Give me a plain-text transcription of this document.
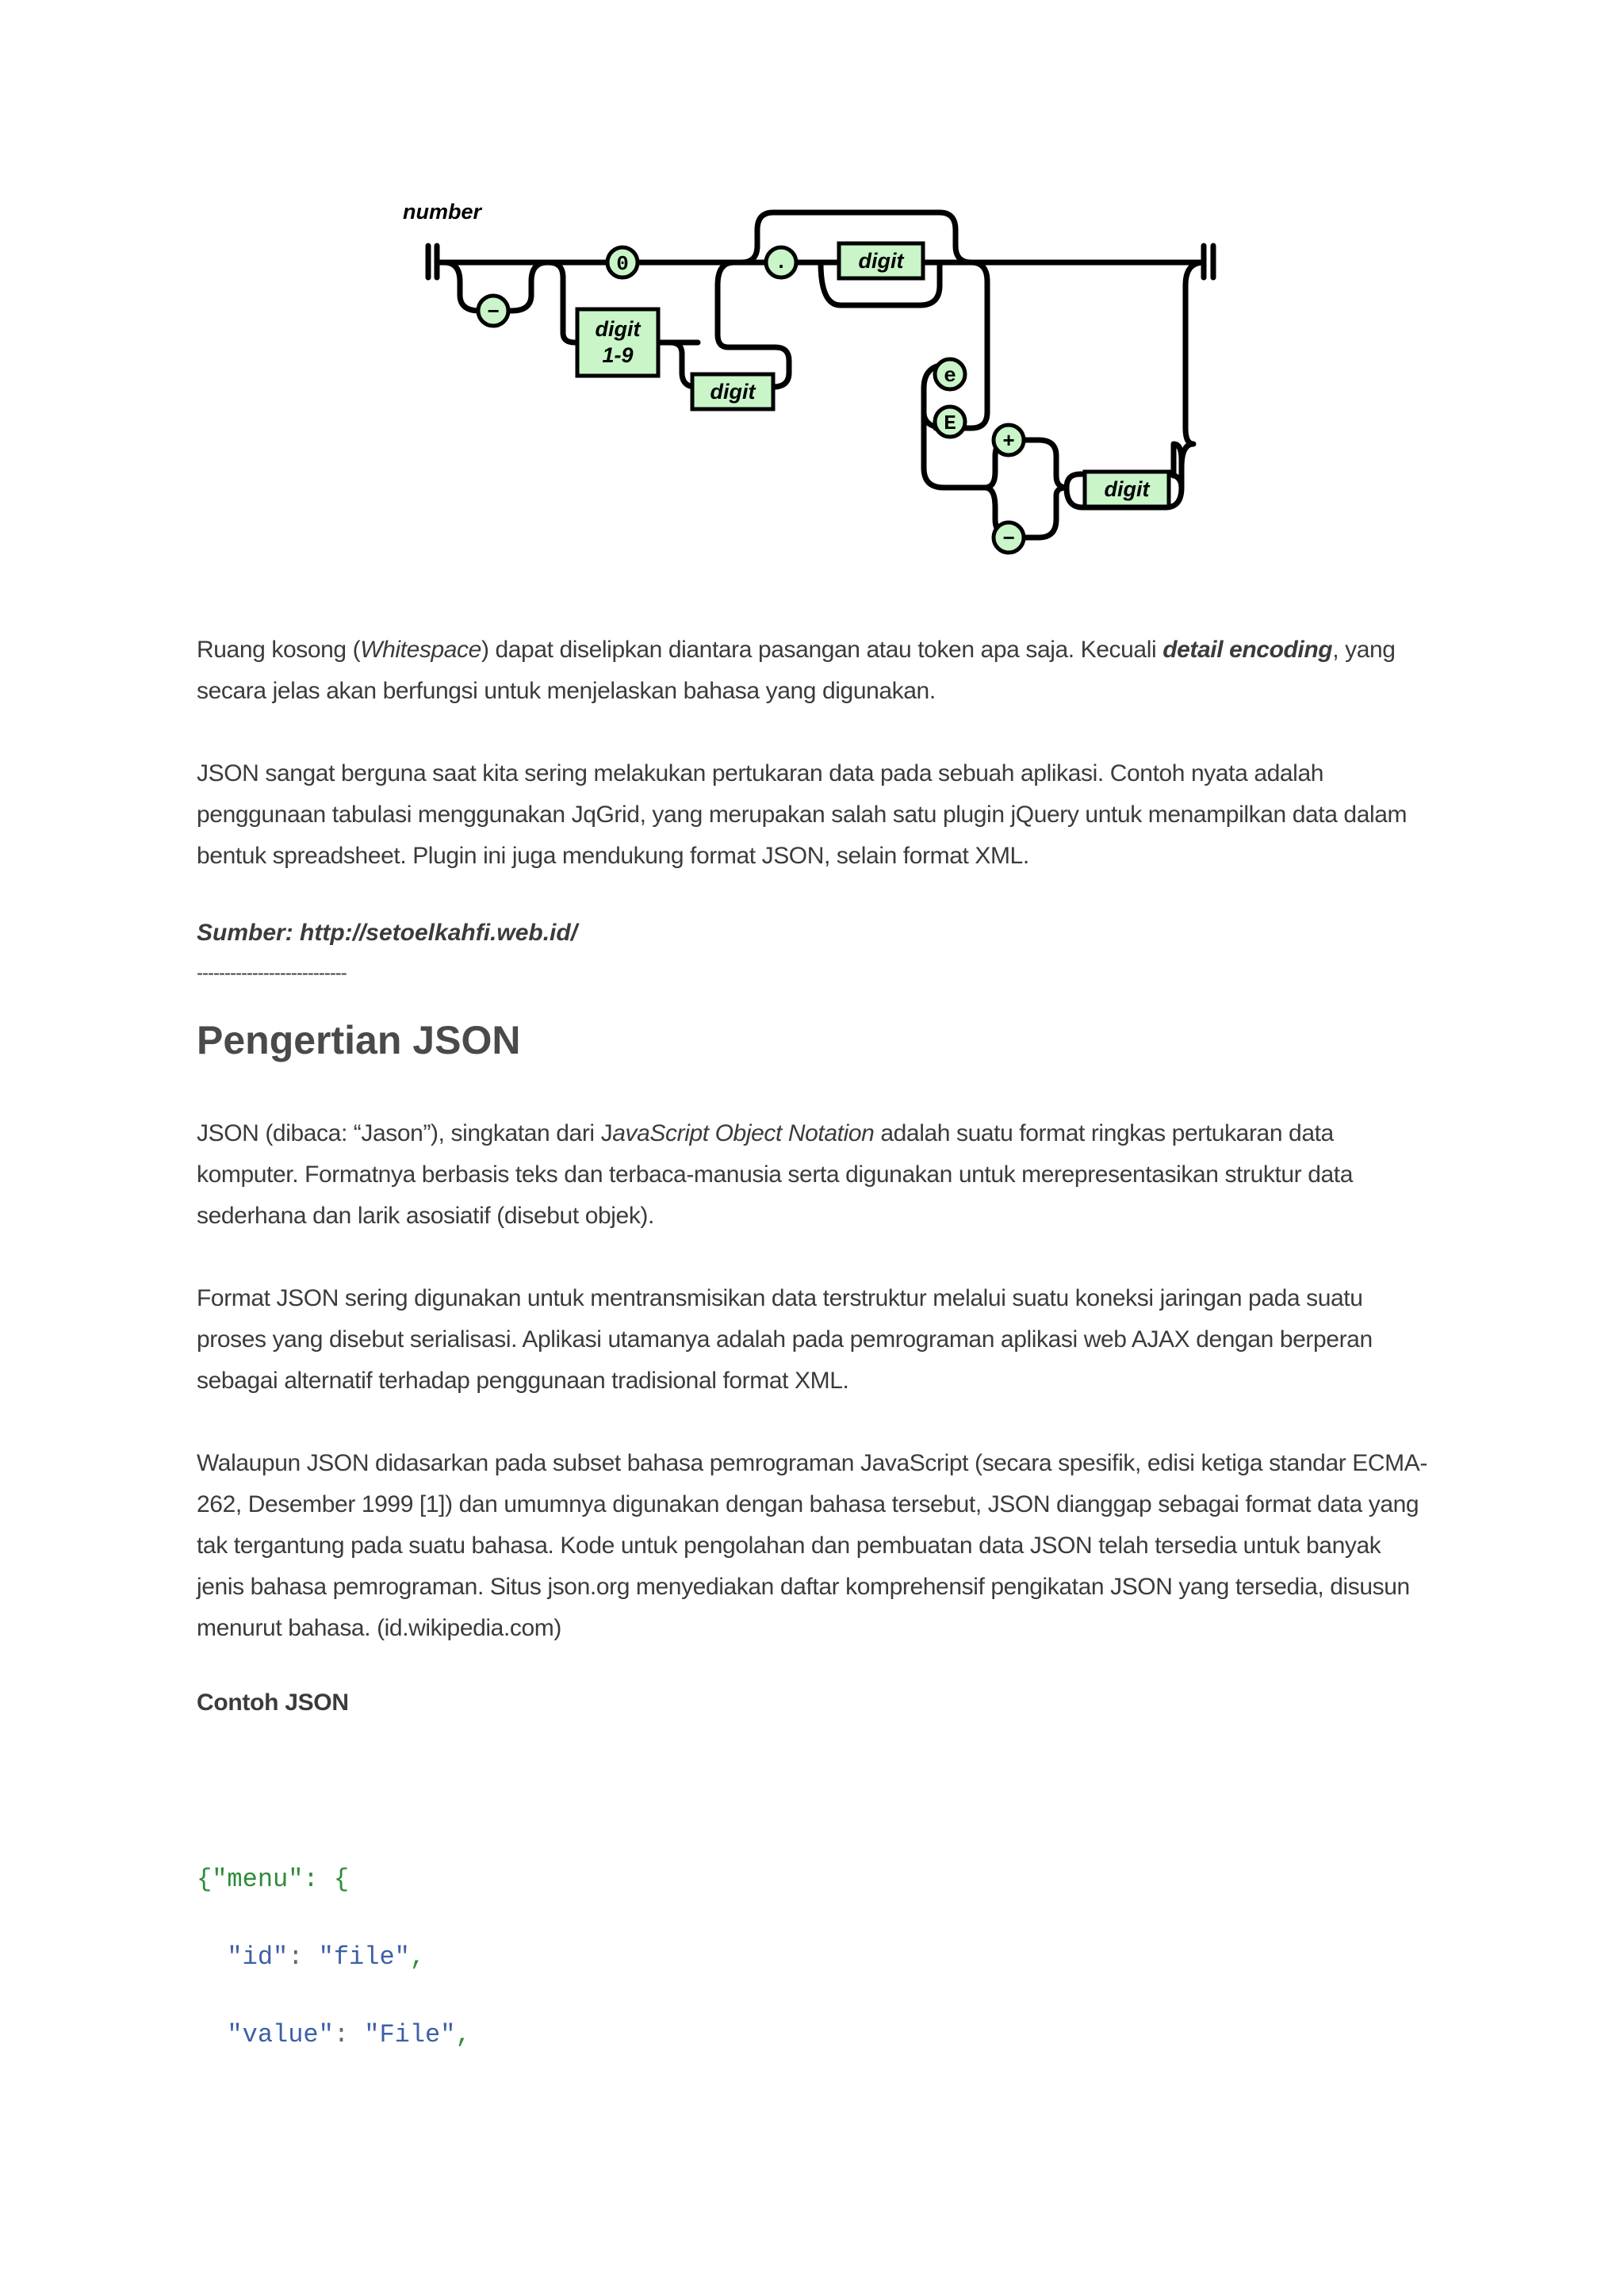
number
−
0	.
e
E
+
−
digit
1-9
digit
digit
digit

Ruang kosong (Whitespace) dapat diselipkan diantara pasangan atau token apa saja. Kecuali detail encoding, yang secara jelas akan berfungsi untuk menjelaskan bahasa yang digunakan.

JSON sangat berguna saat kita sering melakukan pertukaran data pada sebuah aplikasi. Contoh nyata adalah penggunaan tabulasi menggunakan JqGrid, yang merupakan salah satu plugin jQuery untuk menampilkan data dalam bentuk spreadsheet. Plugin ini juga mendukung format JSON, selain format XML.

Sumber: http://setoelkahfi.web.id/
---------------------------
Pengertian JSON

JSON (dibaca: “Jason”), singkatan dari JavaScript Object Notation adalah suatu format ringkas pertukaran data komputer. Formatnya berbasis teks dan terbaca-manusia serta digunakan untuk merepresentasikan struktur data sederhana dan larik asosiatif (disebut objek).

Format JSON sering digunakan untuk mentransmisikan data terstruktur melalui suatu koneksi jaringan pada suatu proses yang disebut serialisasi. Aplikasi utamanya adalah pada pemrograman aplikasi web AJAX dengan berperan sebagai alternatif terhadap penggunaan tradisional format XML.

Walaupun JSON didasarkan pada subset bahasa pemrograman JavaScript (secara spesifik, edisi ketiga standar ECMA-262, Desember 1999 [1]) dan umumnya digunakan dengan bahasa tersebut, JSON dianggap sebagai format data yang tak tergantung pada suatu bahasa. Kode untuk pengolahan dan pembuatan data JSON telah tersedia untuk banyak jenis bahasa pemrograman. Situs json.org menyediakan daftar komprehensif pengikatan JSON yang tersedia, disusun menurut bahasa. (id.wikipedia.com)

Contoh JSON
{"menu": {
"id": "file",
"value": "File",
